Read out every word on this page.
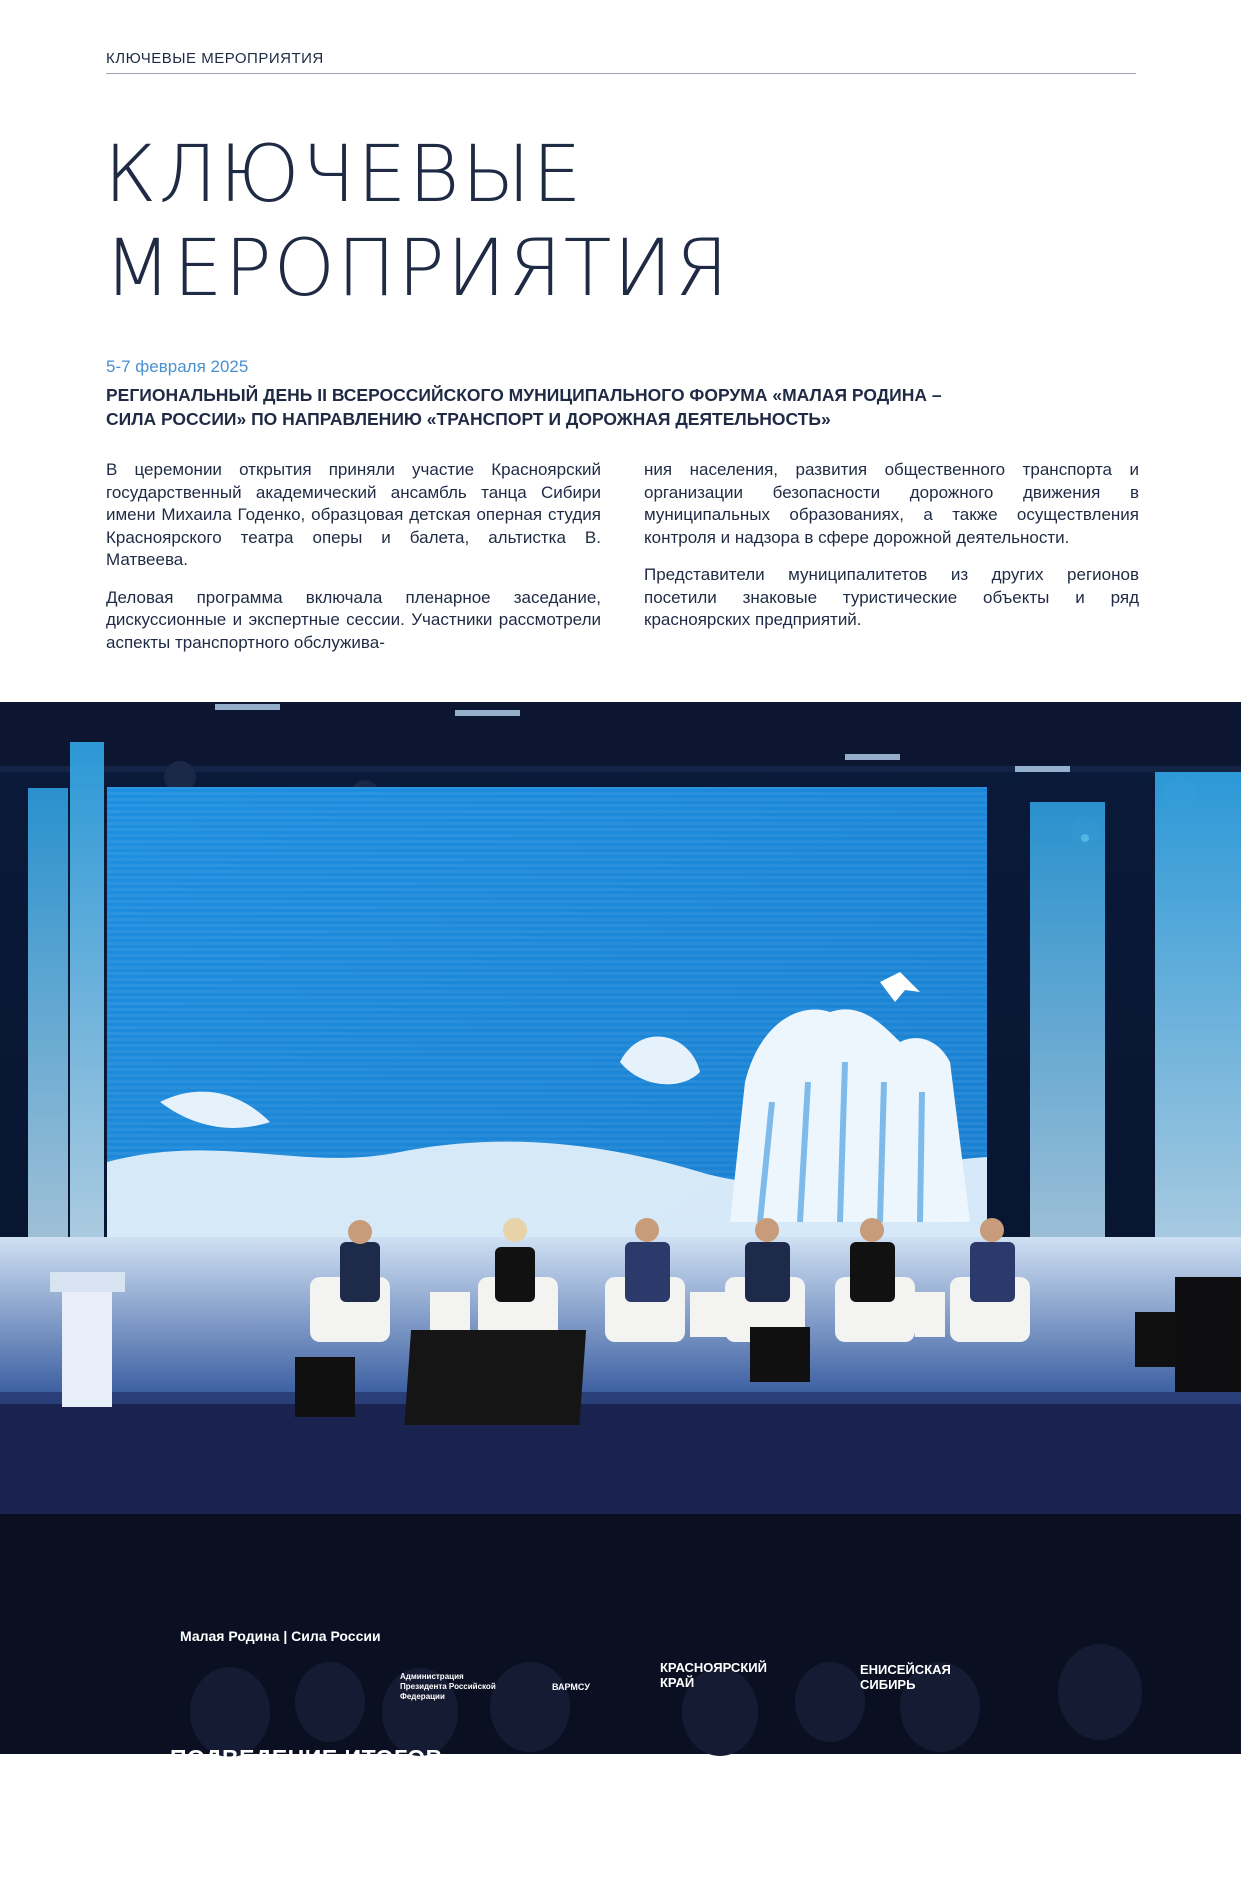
КЛЮЧЕВЫЕ МЕРОПРИЯТИЯ
КЛЮЧЕВЫЕ
МЕРОПРИЯТИЯ
5-7 февраля 2025
РЕГИОНАЛЬНЫЙ ДЕНЬ II ВСЕРОССИЙСКОГО МУНИЦИПАЛЬНОГО ФОРУМА «МАЛАЯ РОДИНА –
СИЛА РОССИИ» ПО НАПРАВЛЕНИЮ «ТРАНСПОРТ И ДОРОЖНАЯ ДЕЯТЕЛЬНОСТЬ»

В церемонии открытия приняли участие Красноярский государственный академический ансамбль танца Сибири имени Михаила Годенко, образцовая детская оперная студия Красноярского театра оперы и балета, альтистка В. Матвеева.

Деловая программа включала пленарное заседание, дискуссионные и экспертные сессии. Участники рассмотрели аспекты транспортного обслужива-

ния населения, развития общественного транспорта и организации безопасности дорожного движения в муниципальных образованиях, а также осуществления контроля и надзора в сфере дорожной деятельности.

Представители муниципалитетов из других регионов посетили знаковые туристические объекты и ряд красноярских предприятий.

Малая Родина | Сила России
Администрация Президента Российской Федерации
ВАРМСУ
КРАСНОЯРСКИЙ КРАЙ
ЕНИСЕЙСКАЯ СИБИРЬ
ПОДВЕДЕНИЕ ИТОГОВ
регионального дня форума
«Малая Родина – Сила России»
по теме «Транспортная и дорожная
деятельность»
